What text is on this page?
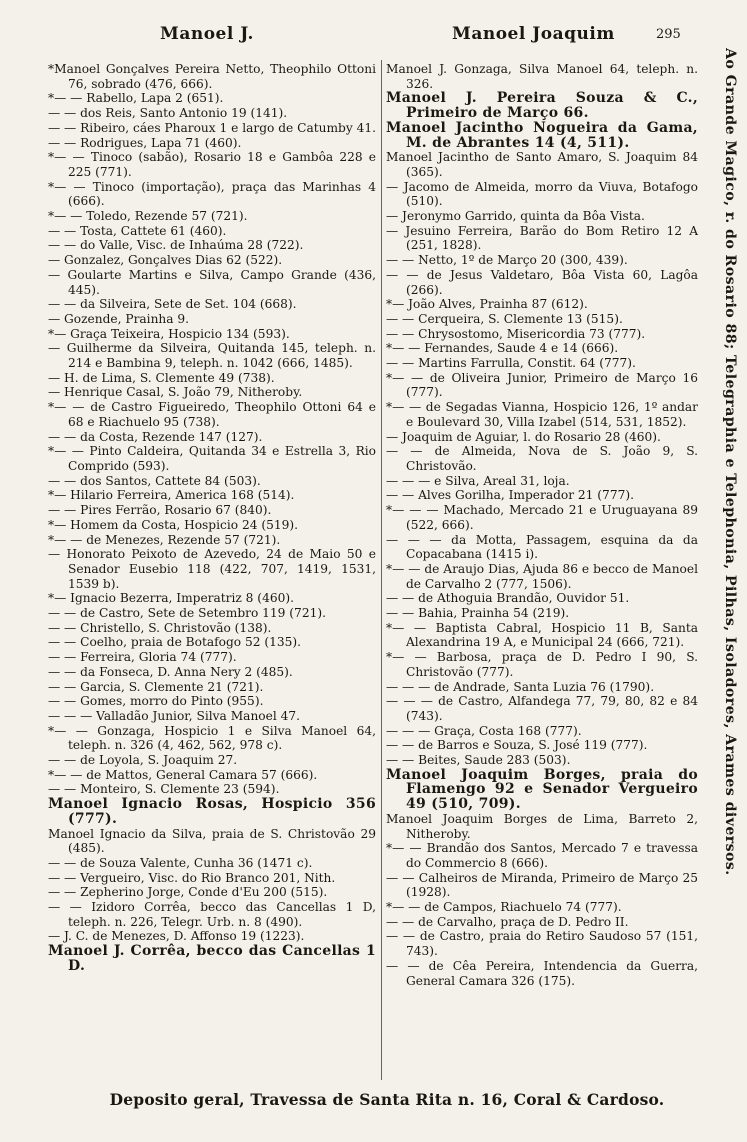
Manoel J.	Manoel Joaquim	295

*Manoel Gonçalves Pereira Netto, Theophilo Ottoni 76, sobrado (476, 666).

*— — Rabello, Lapa 2 (651).

— — dos Reis, Santo Antonio 19 (141).

— — Ribeiro, cáes Pharoux 1 e largo de Catumby 41.

— — Rodrigues, Lapa 71 (460).

*— — Tinoco (sabão), Rosario 18 e Gambôa 228 e 225 (771).

*— — Tinoco (importação), praça das Marinhas 4 (666).

*— — Toledo, Rezende 57 (721).

— — Tosta, Cattete 61 (460).

— — do Valle, Visc. de Inhaúma 28 (722).

— Gonzalez, Gonçalves Dias 62 (522).

— Goularte Martins e Silva, Campo Grande (436, 445).

— — da Silveira, Sete de Set. 104 (668).

— Gozende, Prainha 9.

*— Graça Teixeira, Hospicio 134 (593).

— Guilherme da Silveira, Quitanda 145, teleph. n. 214 e Bambina 9, teleph. n. 1042 (666, 1485).

— H. de Lima, S. Clemente 49 (738).

— Henrique Casal, S. João 79, Nitheroby.

*— — de Castro Figueiredo, Theophilo Ottoni 64 e 68 e Riachuelo 95 (738).

— — da Costa, Rezende 147 (127).

*— — Pinto Caldeira, Quitanda 34 e Estrella 3, Rio Comprido (593).

— — dos Santos, Cattete 84 (503).

*— Hilario Ferreira, America 168 (514).

— — Pires Ferrão, Rosario 67 (840).

*— Homem da Costa, Hospicio 24 (519).

*— — de Menezes, Rezende 57 (721).

— Honorato Peixoto de Azevedo, 24 de Maio 50 e Senador Eusebio 118 (422, 707, 1419, 1531, 1539 b).

*— Ignacio Bezerra, Imperatriz 8 (460).

— — de Castro, Sete de Setembro 119 (721).

— — Christello, S. Christovão (138).

— — Coelho, praia de Botafogo 52 (135).

— — Ferreira, Gloria 74 (777).

— — da Fonseca, D. Anna Nery 2 (485).

— — Garcia, S. Clemente 21 (721).

— — Gomes, morro do Pinto (955).

— — — Valladão Junior, Silva Manoel 47.

*— — Gonzaga, Hospicio 1 e Silva Manoel 64, teleph. n. 326 (4, 462, 562, 978 c).

— — de Loyola, S. Joaquim 27.

*— — de Mattos, General Camara 57 (666).

— — Monteiro, S. Clemente 23 (594).

Manoel Ignacio Rosas, Hospicio 356 (777).

Manoel Ignacio da Silva, praia de S. Christovão 29 (485).

— — de Souza Valente, Cunha 36 (1471 c).

— — Vergueiro, Visc. do Rio Branco 201, Nith.

— — Zepherino Jorge, Conde d'Eu 200 (515).

— — Izidoro Corrêa, becco das Cancellas 1 D, teleph. n. 226, Telegr. Urb. n. 8 (490).

— J. C. de Menezes, D. Affonso 19 (1223).

Manoel J. Corrêa, becco das Cancellas 1 D.

Manoel J. Gonzaga, Silva Manoel 64, teleph. n. 326.

Manoel J. Pereira Souza & C., Primeiro de Março 66.

Manoel Jacintho Nogueira da Gama, M. de Abrantes 14 (4, 511).

Manoel Jacintho de Santo Amaro, S. Joaquim 84 (365).

— Jacomo de Almeida, morro da Viuva, Botafogo (510).

— Jeronymo Garrido, quinta da Bôa Vista.

— Jesuino Ferreira, Barão do Bom Retiro 12 A (251, 1828).

— — Netto, 1º de Março 20 (300, 439).

— — de Jesus Valdetaro, Bôa Vista 60, Lagôa (266).

*— João Alves, Prainha 87 (612).

— — Cerqueira, S. Clemente 13 (515).

— — Chrysostomo, Misericordia 73 (777).

*— — Fernandes, Saude 4 e 14 (666).

— — Martins Farrulla, Constit. 64 (777).

*— — de Oliveira Junior, Primeiro de Março 16 (777).

*— — de Segadas Vianna, Hospicio 126, 1º andar e Boulevard 30, Villa Izabel (514, 531, 1852).

— Joaquim de Aguiar, l. do Rosario 28 (460).

— — de Almeida, Nova de S. João 9, S. Christovão.

— — — e Silva, Areal 31, loja.

— — Alves Gorilha, Imperador 21 (777).

*— — — Machado, Mercado 21 e Uruguayana 89 (522, 666).

— — — da Motta, Passagem, esquina da da Copacabana (1415 i).

*— — de Araujo Dias, Ajuda 86 e becco de Manoel de Carvalho 2 (777, 1506).

— — de Athoguia Brandão, Ouvidor 51.

— — Bahia, Prainha 54 (219).

*— — Baptista Cabral, Hospicio 11 B, Santa Alexandrina 19 A, e Municipal 24 (666, 721).

*— — Barbosa, praça de D. Pedro I 90, S. Christovão (777).

— — — de Andrade, Santa Luzia 76 (1790).

— — — de Castro, Alfandega 77, 79, 80, 82 e 84 (743).

— — — Graça, Costa 168 (777).

— — de Barros e Souza, S. José 119 (777).

— — Beites, Saude 283 (503).

Manoel Joaquim Borges, praia do Flamengo 92 e Senador Vergueiro 49 (510, 709).

Manoel Joaquim Borges de Lima, Barreto 2, Nitheroby.

*— — Brandão dos Santos, Mercado 7 e travessa do Commercio 8 (666).

— — Calheiros de Miranda, Primeiro de Março 25 (1928).

*— — de Campos, Riachuelo 74 (777).

— — de Carvalho, praça de D. Pedro II.

— — de Castro, praia do Retiro Saudoso 57 (151, 743).

— — de Cêa Pereira, Intendencia da Guerra, General Camara 326 (175).

Ao Grande Magico, r. do Rosario 88; Telegraphia e Telephonia, Pilhas, Isoladores, Arames diversos.
Deposito geral, Travessa de Santa Rita n. 16, Coral & Cardoso.
